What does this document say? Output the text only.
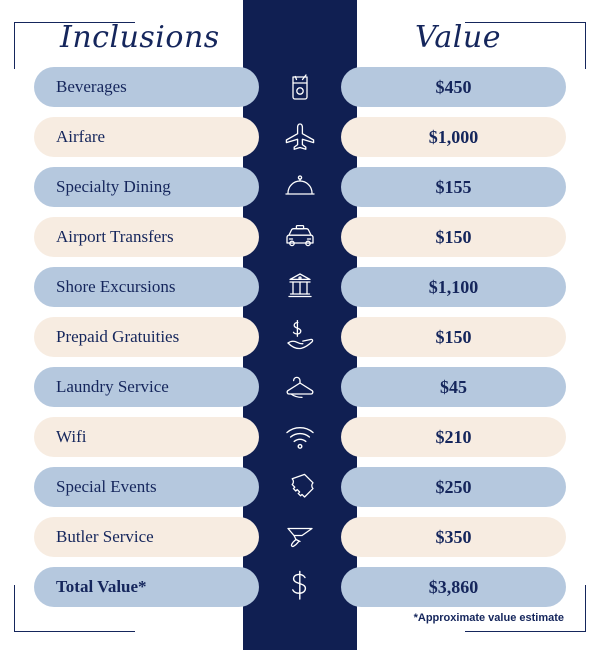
Inclusions	Value
Beverages	$450
Airfare	$1,000
Specialty Dining	$155
Airport Transfers	$150
Shore Excursions	$1,100
Prepaid Gratuities	$150
Laundry Service	$45
Wifi	$210
Special Events	$250
Butler Service	$350
Total Value*	$3,860
*Approximate value estimate
